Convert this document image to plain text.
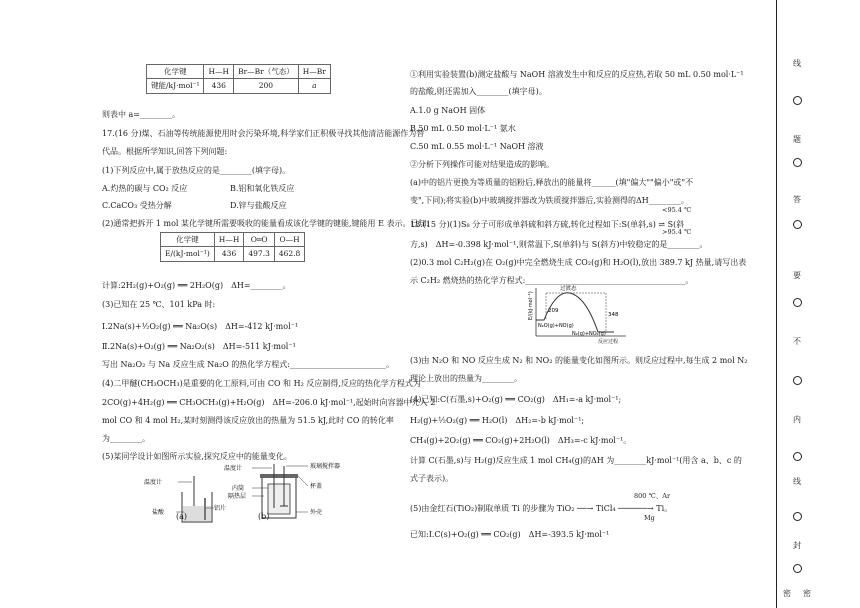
化学键	H—H	Br—Br（气态）	H—Br
键能/kJ·mol⁻¹	436	200	a
则表中 a=________。
17.(16 分)煤、石油等传统能源使用时会污染环境,科学家们正积极寻找其他清洁能源作为替
代品。根据所学知识,回答下列问题:
(1)下列反应中,属于放热反应的是________(填字母)。
A.灼热的碳与 CO₂ 反应	B.铝和氧化铁反应
C.CaCO₃ 受热分解	D.锌与盐酸反应
(2)通常把拆开 1 mol 某化学键所需要吸收的能量看成该化学键的键能,键能用 E 表示。已知:
化学键	H—H	O═O	O—H
E/(kJ·mol⁻¹)	436	497.3	462.8
计算:2H₂(g)+O₂(g) ══ 2H₂O(g)　ΔH=________。
(3)已知在 25 ℃、101 kPa 时:
Ⅰ.2Na(s)+½O₂(g) ══ Na₂O(s)　ΔH=-412 kJ·mol⁻¹
Ⅱ.2Na(s)+O₂(g) ══ Na₂O₂(s)　ΔH=-511 kJ·mol⁻¹
写出 Na₂O₂ 与 Na 反应生成 Na₂O 的热化学方程式:________________________。
(4)二甲醚(CH₃OCH₃)是重要的化工原料,可由 CO 和 H₂ 反应制得,反应的热化学方程式为
2CO(g)+4H₂(g) ══ CH₃OCH₃(g)+H₂O(g)　ΔH=-206.0 kJ·mol⁻¹,起始时向容器中充入 2
mol CO 和 4 mol H₂,某时刻测得该反应放出的热量为 51.5 kJ,此时 CO 的转化率
为________。
(5)某同学设计如图所示实验,探究反应中的能量变化。
温度计
盐酸
铝片
(a)
温度计	玻璃搅拌器
内筒
隔热层
杯盖
外壳
(b)
①利用实验装置(b)测定盐酸与 NaOH 溶液发生中和反应的反应热,若取 50 mL 0.50 mol·L⁻¹
的盐酸,则还需加入________(填字母)。
A.1.0 g NaOH 固体
B.50 mL 0.50 mol·L⁻¹ 氨水
C.50 mL 0.55 mol·L⁻¹ NaOH 溶液
②分析下列操作可能对结果造成的影响。
(a)中的铝片更换为等质量的铝粉后,释放出的能量将______(填"偏大""偏小"或"不
变",下同);将实验(b)中玻璃搅拌器改为铁质搅拌器后,实验测得的ΔH________。
<95.4 ℃
>95.4 ℃
18.(15 分)(1)S₈ 分子可形成单斜硫和斜方硫,转化过程如下:S(单斜,s) ⇌ S(斜
方,s)　ΔH=-0.398 kJ·mol⁻¹,则常温下,S(单斜)与 S(斜方)中较稳定的是________。
(2)0.3 mol C₂H₂(g)在 O₂(g)中完全燃烧生成 CO₂(g)和 H₂O(l),放出 389.7 kJ 热量,请写出表
示 C₂H₂ 燃烧热的热化学方程式:________________________________________。
E/(kJ·mol⁻¹)
过渡态
209
348
N₂O(g)+NO(g)
N₂(g)+NO₂(g)
反应过程
(3)由 N₂O 和 NO 反应生成 N₂ 和 NO₂ 的能量变化如图所示。则反应过程中,每生成 2 mol N₂
理论上放出的热量为________。
(4)已知:C(石墨,s)+O₂(g) ══ CO₂(g)　ΔH₁=-a kJ·mol⁻¹;
H₂(g)+½O₂(g) ══ H₂O(l)　ΔH₂=-b kJ·mol⁻¹;
CH₄(g)+2O₂(g) ══ CO₂(g)+2H₂O(l)　ΔH₃=-c kJ·mol⁻¹。
计算 C(石墨,s)与 H₂(g)反应生成 1 mol CH₄(g)的ΔH 为________kJ·mol⁻¹(用含 a、b、c 的
式子表示)。
800 ℃、Ar
Mg
(5)由金红石(TiO₂)制取单质 Ti 的步骤为 TiO₂ ──→ TiCl₄ ──────→ Ti。
已知:Ⅰ.C(s)+O₂(g) ══ CO₂(g)　ΔH=-393.5 kJ·mol⁻¹
线
题
答
要
不
内
线
封
密 密
